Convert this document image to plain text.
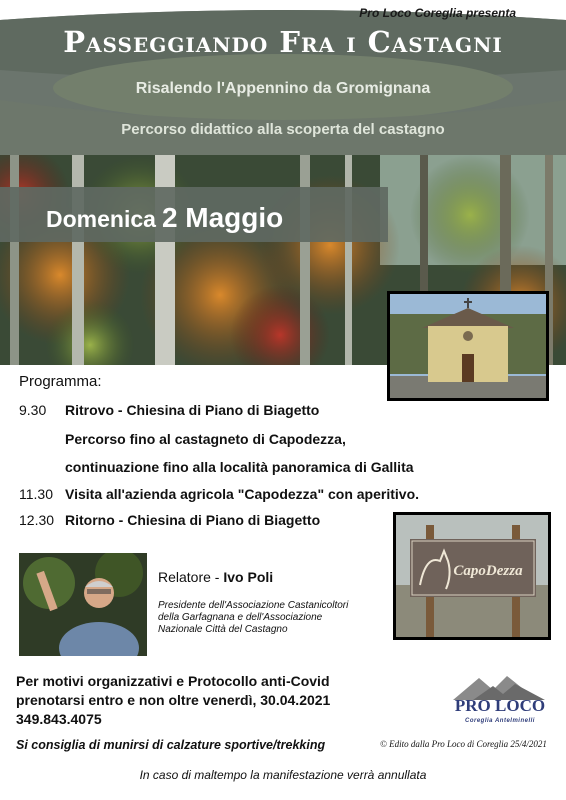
Pro Loco Coreglia presenta
Passeggiando Fra i Castagni
Risalendo l'Appennino da Gromignana
Percorso didattico alla scoperta del castagno
Domenica 2 Maggio
Programma:
9.30 Ritrovo - Chiesina di Piano di Biagetto
Percorso fino al castagneto di Capodezza,
continuazione fino alla località panoramica di Gallita
11.30 Visita all'azienda agricola "Capodezza" con aperitivo.
12.30 Ritorno - Chiesina di Piano di Biagetto
Relatore - Ivo Poli
Presidente dell'Associazione Castanicoltori della Garfagnana e dell'Associazione Nazionale Città del Castagno
CapoDezza
Per motivi organizzativi e Protocollo anti-Covid
prenotarsi entro e non oltre venerdì, 30.04.2021
349.843.4075
PRO LOCO
Coreglia Antelminelli
Si consiglia di munirsi di calzature sportive/trekking	© Edito dalla Pro Loco di Coreglia 25/4/2021
In caso di maltempo la manifestazione verrà annullata
